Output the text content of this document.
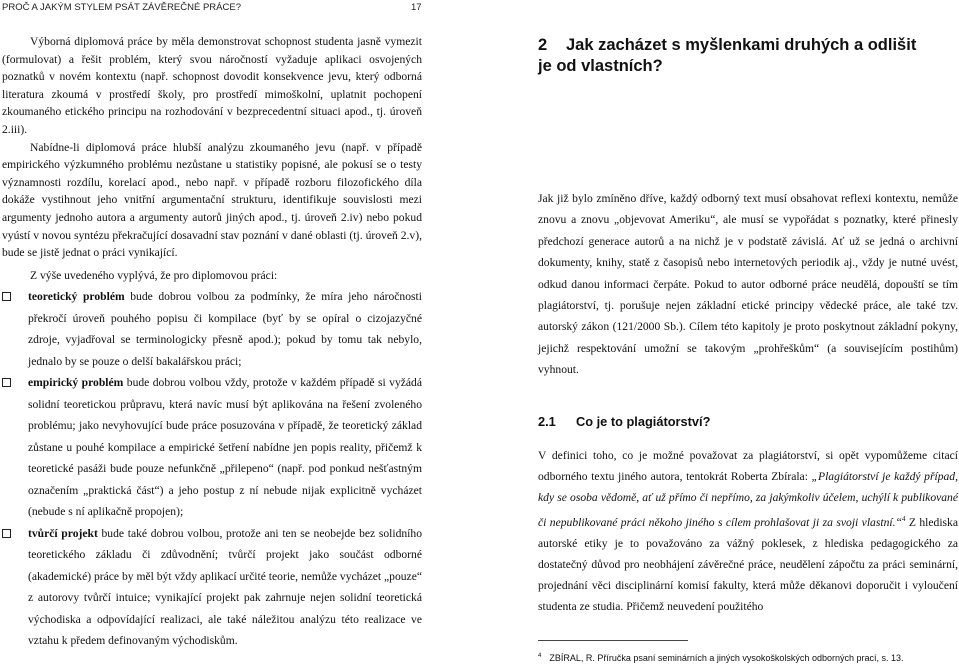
PROČ A JAKÝM STYLEM PSÁT ZÁVĚREČNÉ PRÁCE?	17

Výborná diplomová práce by měla demonstrovat schopnost studenta jasně vymezit (formulovat) a řešit problém, který svou náročností vyžaduje aplikaci osvojených poznatků v novém kontextu (např. schopnost dovodit konsekvence jevu, který odborná literatura zkoumá v prostředí školy, pro prostředí mimoškolní, uplatnit pochopení zkoumaného etického principu na rozhodování v bezprecedentní situaci apod., tj. úroveň 2.iii).

Nabídne-li diplomová práce hlubší analýzu zkoumaného jevu (např. v případě empirického výzkumného problému nezůstane u statistiky popisné, ale pokusí se o testy významnosti rozdílu, korelací apod., nebo např. v případě rozboru filozofického díla dokáže vystihnout jeho vnitřní argumentační strukturu, identifikuje souvislosti mezi argumenty jednoho autora a argumenty autorů jiných apod., tj. úroveň 2.iv) nebo pokud vyústí v novou syntézu překračující dosavadní stav poznání v dané oblasti (tj. úroveň 2.v), bude se jistě jednat o práci vynikající.

Z výše uvedeného vyplývá, že pro diplomovou práci:

teoretický problém bude dobrou volbou za podmínky, že míra jeho náročnosti překročí úroveň pouhého popisu či kompilace (byť by se opíral o cizojazyčné zdroje, vyjadřoval se terminologicky přesně apod.); pokud by tomu tak nebylo, jednalo by se pouze o delší bakalářskou práci;
empirický problém bude dobrou volbou vždy, protože v každém případě si vyžádá solidní teoretickou průpravu, která navíc musí být aplikována na řešení zvoleného problému; jako nevyhovující bude práce posuzována v případě, že teoretický základ zůstane u pouhé kompilace a empirické šetření nabídne jen popis reality, přičemž k teoretické pasáži bude pouze nefunkčně „přilepeno“ (např. pod ponkud nešťastným označením „praktická část“) a jeho postup z ní nebude nijak explicitně vycházet (nebude s ní aplikačně propojen);
tvůrčí projekt bude také dobrou volbou, protože ani ten se neobejde bez solidního teoretického základu či zdůvodnění; tvůrčí projekt jako součást odborné (akademické) práce by měl být vždy aplikací určité teorie, nemůže vycházet „pouze“ z autorovy tvůrčí intuice; vynikající projekt pak zahrnuje nejen solidní teoretická východiska a odpovídající realizaci, ale také náležitou analýzu této realizace ve vztahu k předem definovaným východiskům.
2 Jak zacházet s myšlenkami druhých a odlišit je od vlastních?

Jak již bylo zmíněno dříve, každý odborný text musí obsahovat reflexi kontextu, nemůže znovu a znovu „objevovat Ameriku“, ale musí se vypořádat s poznatky, které přinesly předchozí generace autorů a na nichž je v podstatě závislá. Ať už se jedná o archivní dokumenty, knihy, statě z časopisů nebo internetových periodik aj., vždy je nutné uvést, odkud danou informaci čerpáte. Pokud to autor odborné práce neudělá, dopouští se tím plagiátorství, tj. porušuje nejen základní etické principy vědecké práce, ale také tzv. autorský zákon (121/2000 Sb.). Cílem této kapitoly je proto poskytnout základní pokyny, jejichž respektování umožní se takovým „prohřeškům“ (a souvisejícím postihům) vyhnout.

2.1 Co je to plagiátorství?

V definici toho, co je možné považovat za plagiátorství, si opět vypomůžeme citací odborného textu jiného autora, tentokrát Roberta Zbírala: „Plagiátorství je každý případ, kdy se osoba vědomě, ať už přímo či nepřímo, za jakýmkoliv účelem, uchýlí k publikované či nepublikované práci někoho jiného s cílem prohlašovat ji za svoji vlastní.“$^4$ Z hlediska autorské etiky je to považováno za vážný poklesek, z hlediska pedagogického za dostatečný důvod pro neobhájení závěrečné práce, neudělení zápočtu za práci seminární, projednání věci disciplinární komisí fakulty, která může děkanovi doporučit i vyloučení studenta ze studia. Přičemž neuvedení použitého

$^4$ ZBÍRAL, R. Příručka psaní seminárních a jiných vysokoškolských odborných prací, s. 13.
